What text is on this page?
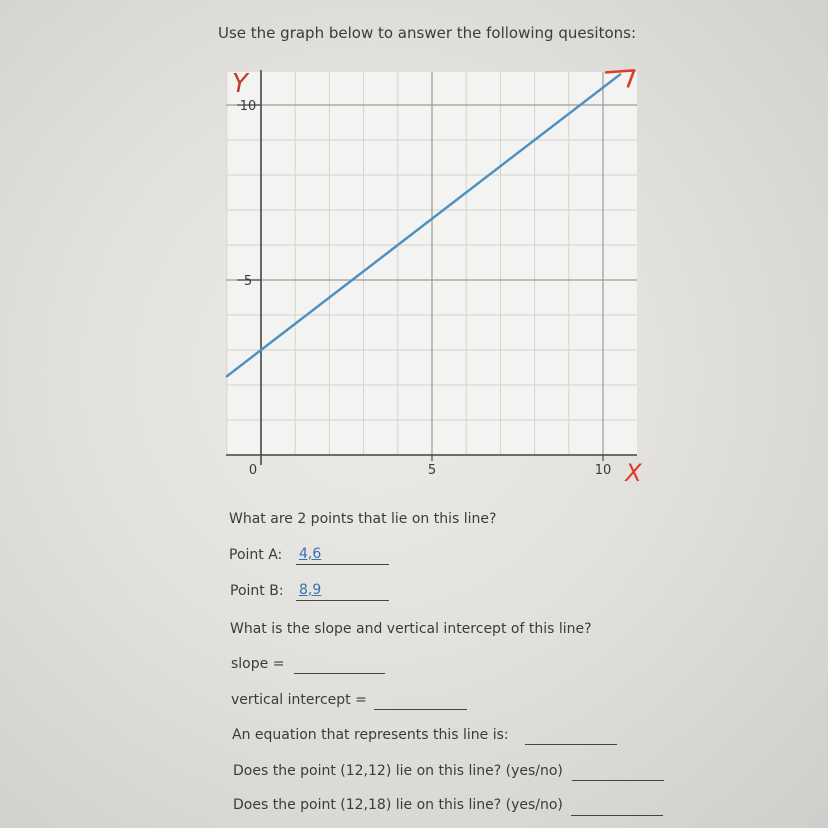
Use the graph below to answer the following quesitons:
0	5	10
5
10
X
Y
What are 2 points that lie on this line?
Point A: 4,6
Point B: 8,9
What is the slope and vertical intercept of this line?
slope =
vertical intercept =
An equation that represents this line is:
Does the point (12,12) lie on this line? (yes/no)
Does the point (12,18) lie on this line? (yes/no)
